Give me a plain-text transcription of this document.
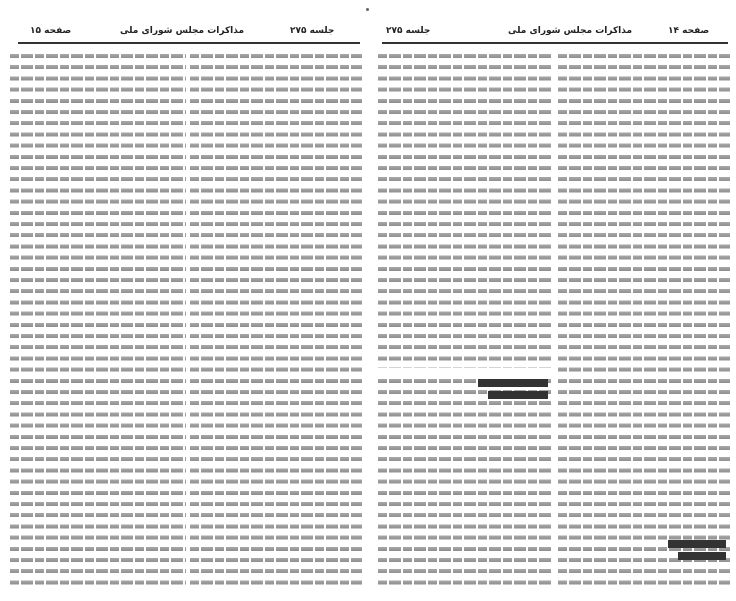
صفحه ۱۵	مذاکرات مجلس شورای ملی	جلسه ۲۷۵	جلسه ۲۷۵	مذاکرات مجلس شورای ملی	صفحه ۱۴
